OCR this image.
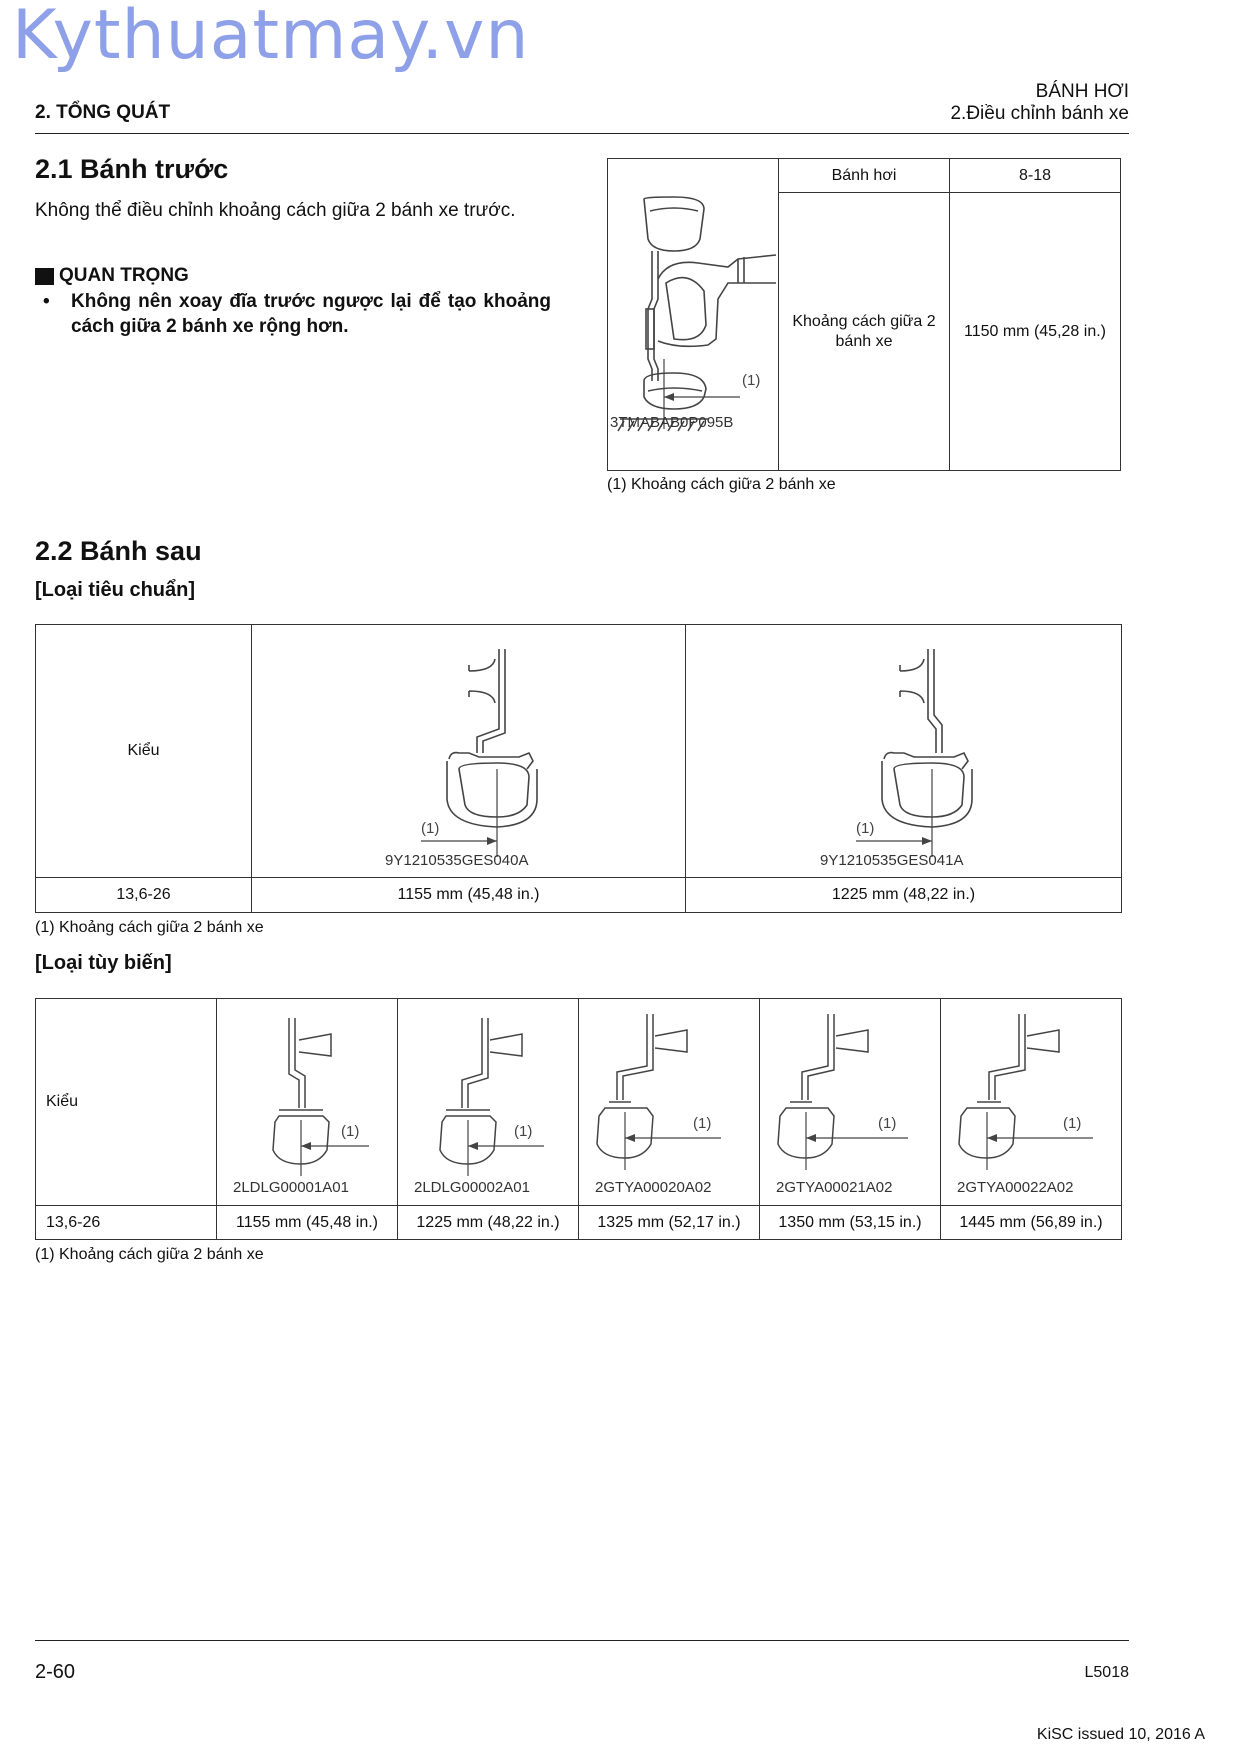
Kythuatmay.vn
2. TỔNG QUÁT
BÁNH HƠI
2.Điều chỉnh bánh xe
2.1 Bánh trước
Không thể điều chỉnh khoảng cách giữa 2 bánh xe trước.
QUAN TRỌNG
• Không nên xoay đĩa trước ngược lại để tạo khoảng cách giữa 2 bánh xe rộng hơn.
(1)
3TMABAB0P095B	Bánh hơi	8-18
	Khoảng cách giữa 2 bánh xe	1150 mm (45,28 in.)
(1) Khoảng cách giữa 2 bánh xe
2.2 Bánh sau
[Loại tiêu chuẩn]
Kiểu	(1)
9Y1210535GES040A	(1)
9Y1210535GES041A

13,6-26	1155 mm (45,48 in.)	1225 mm (48,22 in.)
(1) Khoảng cách giữa 2 bánh xe
[Loại tùy biến]
Kiểu	(1)
2LDLG00001A01	(1)
2LDLG00002A01	(1)
2GTYA00020A02	(1)
2GTYA00021A02	(1)
2GTYA00022A02

13,6-26	1155 mm (45,48 in.)	1225 mm (48,22 in.)	1325 mm (52,17 in.)	1350 mm (53,15 in.)	1445 mm (56,89 in.)
(1) Khoảng cách giữa 2 bánh xe
2-60	L5018
KiSC issued 10, 2016 A
